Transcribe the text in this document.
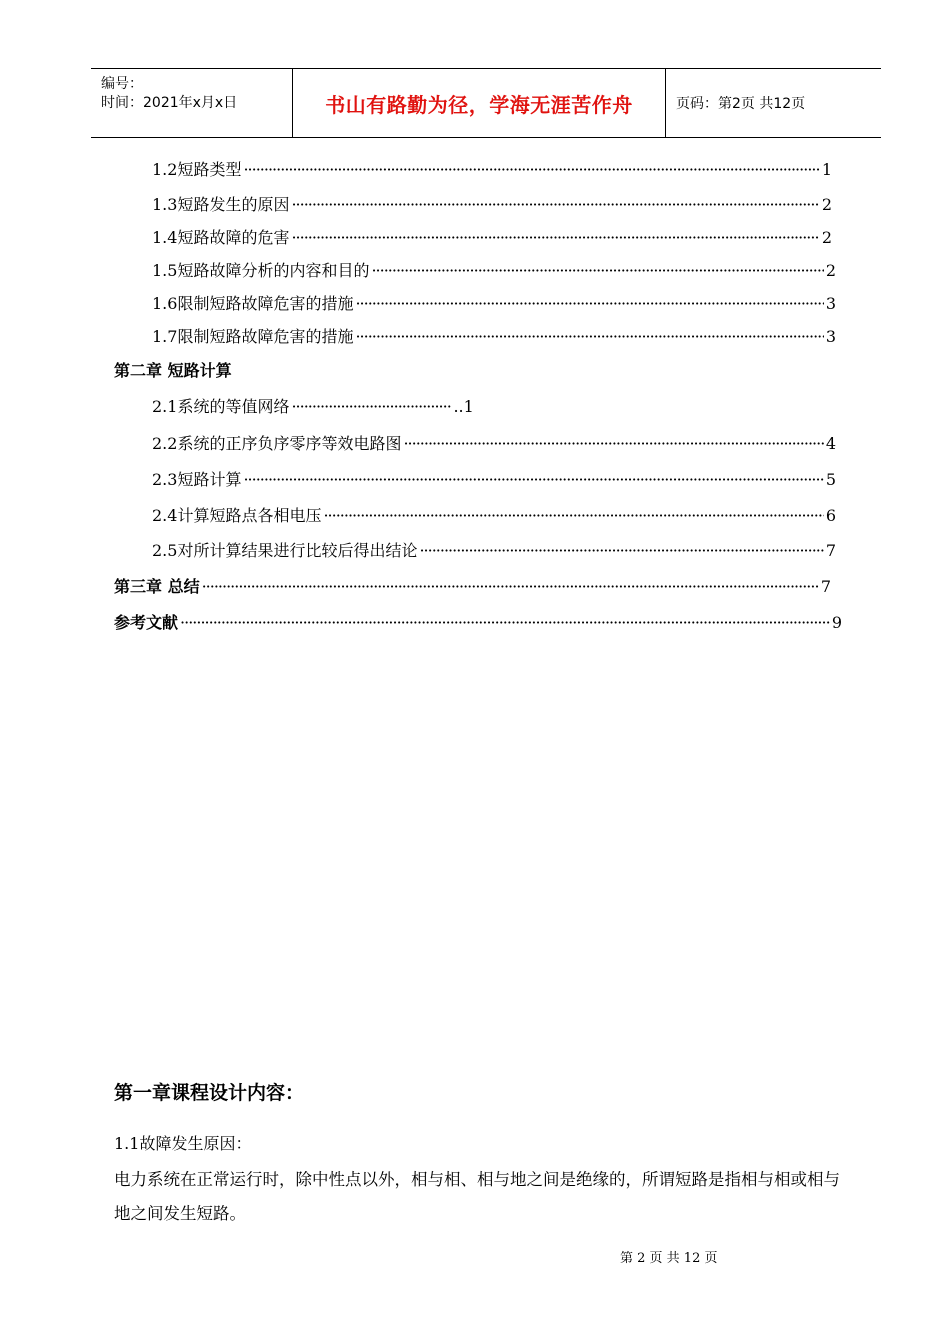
编号：
时间：2021年x月x日	书山有路勤为径，学海无涯苦作舟	页码：第2页 共12页
1.2短路类型 ·····	1
1.3短路发生的原因 ·····	2
1.4短路故障的危害 ·····	2
1.5短路故障分析的内容和目的 ·····	2
1.6限制短路故障危害的措施 ·····	3
1.7限制短路故障危害的措施 ·····	3
第二章 短路计算
2.1系统的等值网络 ·····	..1
2.2系统的正序负序零序等效电路图 ·····	4
2.3短路计算 ·····	5
2.4计算短路点各相电压 ·····	6
2.5对所计算结果进行比较后得出结论 ·····	7
第三章 总结 ·····	7
参考文献 ·····	9
第一章课程设计内容：
1.1故障发生原因：
电力系统在正常运行时，除中性点以外，相与相、相与地之间是绝缘的，所谓短路是指相与相或相与地之间发生短路。
第 2 页 共 12 页
